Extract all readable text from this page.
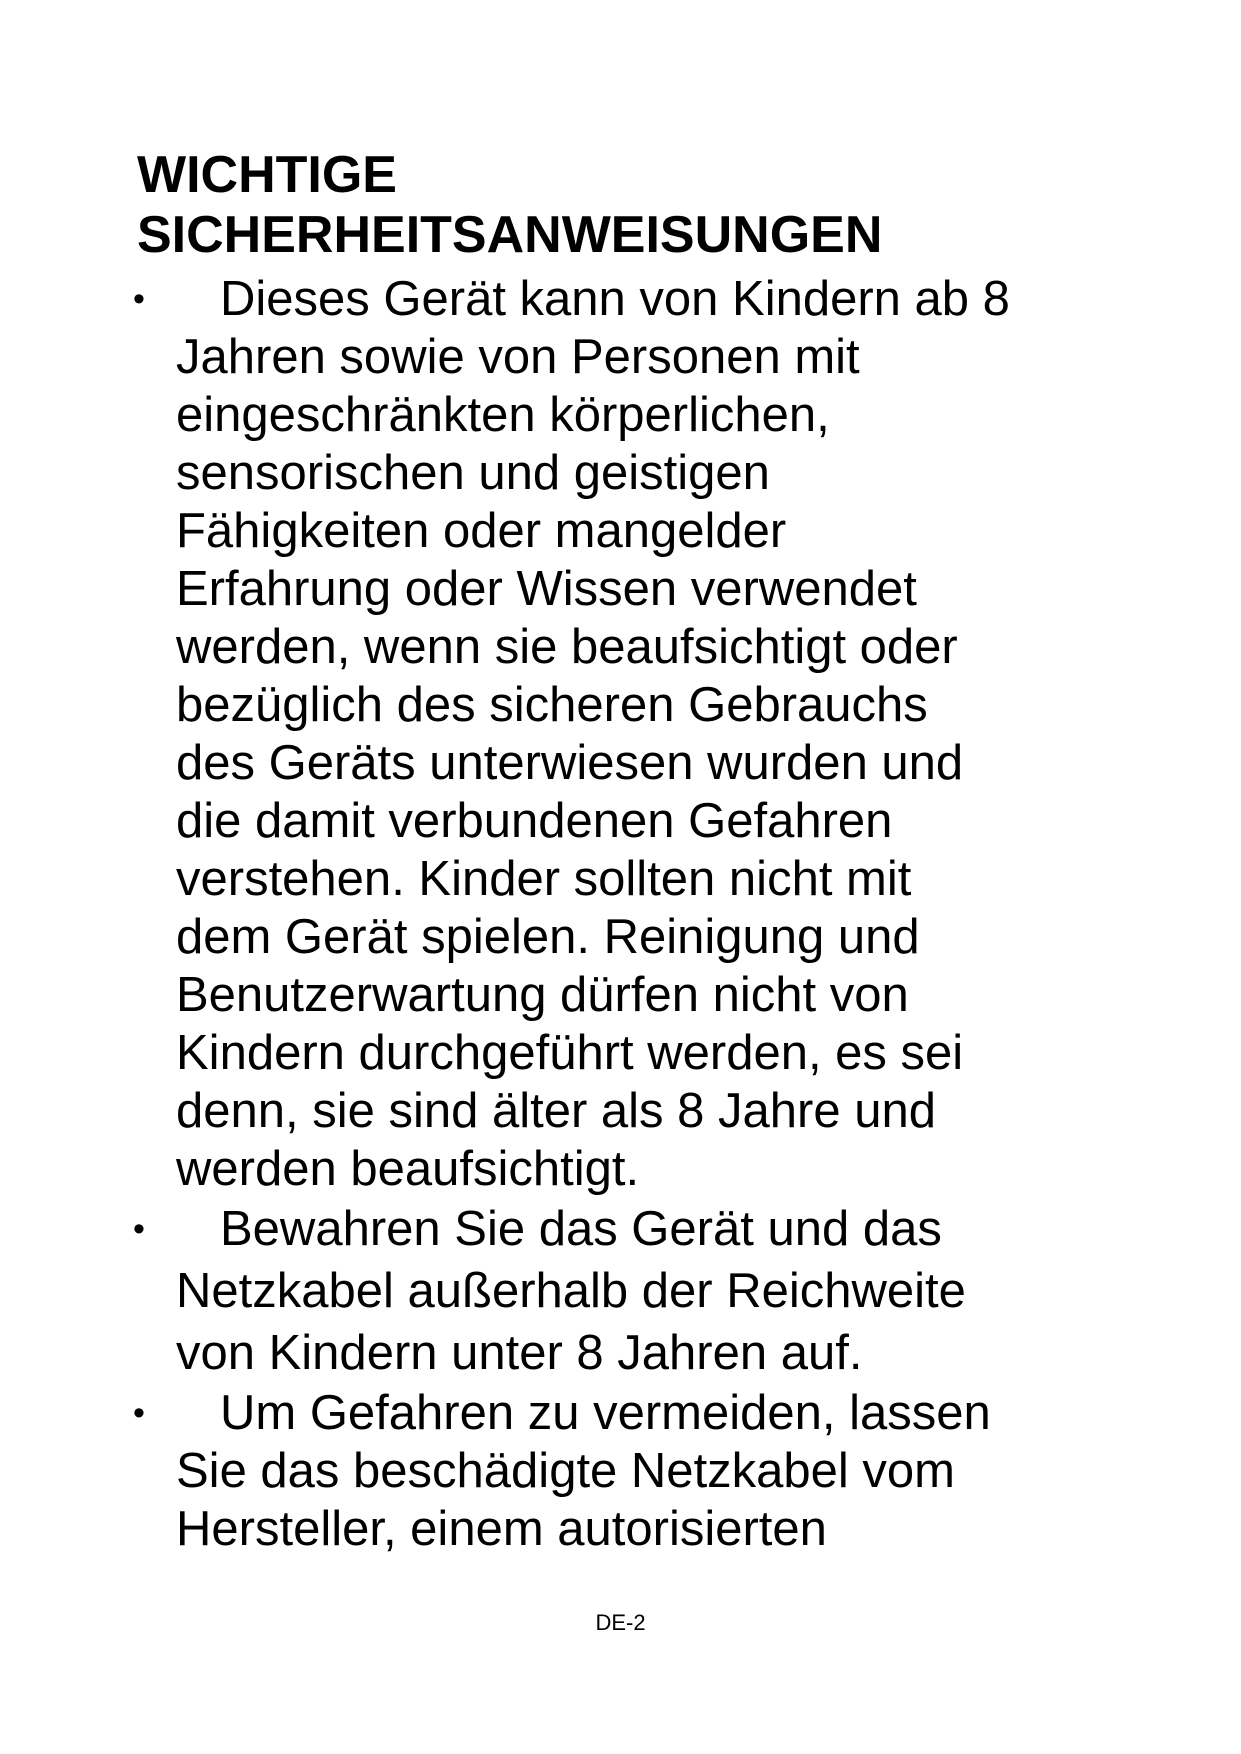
WICHTIGE
SICHERHEITSANWEISUNGEN
•	Dieses Gerät kann von Kindern ab 8
Jahren sowie von Personen mit
eingeschränkten körperlichen,
sensorischen und geistigen
Fähigkeiten oder mangelder
Erfahrung oder Wissen verwendet
werden, wenn sie beaufsichtigt oder
bezüglich des sicheren Gebrauchs
des Geräts unterwiesen wurden und
die damit verbundenen Gefahren
verstehen. Kinder sollten nicht mit
dem Gerät spielen. Reinigung und
Benutzerwartung dürfen nicht von
Kindern durchgeführt werden, es sei
denn, sie sind älter als 8 Jahre und
werden beaufsichtigt.
•	Bewahren Sie das Gerät und das
Netzkabel außerhalb der Reichweite
von Kindern unter 8 Jahren auf.
•	Um Gefahren zu vermeiden, lassen
Sie das beschädigte Netzkabel vom
Hersteller, einem autorisierten
DE-2
